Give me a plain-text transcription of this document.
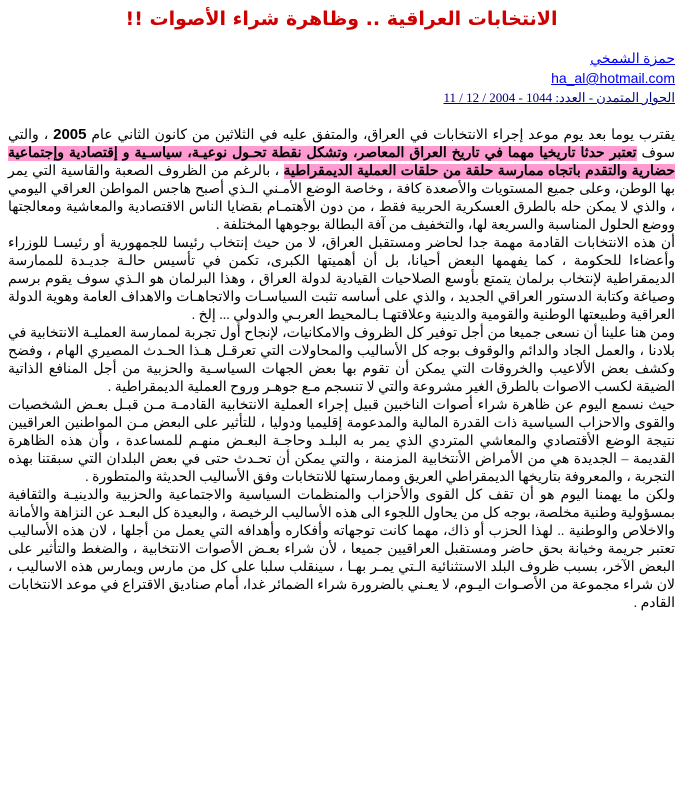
الانتخابات العراقية .. وظاهرة شراء الأصوات !!
حمزة الشمخي
ha_al@hotmail.com
الحوار المتمدن - العدد: 1044 - 2004 / 12 / 11

يقترب يوما بعد يوم موعد إجراء الانتخابات في العراق، والمتفق عليه في الثلاثين من كانون الثاني عام 2005 ، والتي سوف تعتبر حدثا تاريخيا مهما في تاريخ العراق المعاصر، وتشكل نقطة تحـول نوعيـة، سياسـية و إقتصادية وإجتماعية حضارية والتقدم باتجاه ممارسة حلقة من حلقات العملية الديمقراطية ، بالرغم من الظروف الصعبة والقاسية التي يمر بها الوطن، وعلى جميع المستويات والأصعدة كافة ، وخاصة الوضع الأمـني الـذي أصبح هاجس المواطن العراقي اليومي ، والذي لا يمكن حله بالطرق العسكرية الحربية فقط ، من دون الأهتمـام بقضايا الناس الاقتصادية والمعاشية ومعالجتها ووضع الحلول المناسبة والسريعة لها، والتخفيف من آفة البطالة بوجوهها المختلفة .

أن هذه الانتخابات القادمة مهمة جدا لحاضر ومستقبل العراق، لا من حيث إنتخاب رئيسا للجمهورية أو رئيسـا للوزراء وأعضاءا للحكومة ، كما يفهمها البعض أحيانا، بل أن أهميتها الكبرى، تكمن في تأسيس حالـة جديـدة للممارسة الديمقراطية لإنتخاب برلمان يتمتع بأوسع الصلاحيات القيادية لدولة العراق ، وهذا البرلمان هو الـذي سوف يقوم برسم وصياغة وكتابة الدستور العراقي الجديد ، والذي على أساسه تثبت السياسـات والاتجاهـات والاهداف العامة وهوية الدولة العراقية وطبيعتها الوطنية والقومية والدينية وعلاقتهـا بـالمحيط العربـي والدولي ... إلخ .

ومن هنا علينا أن نسعى جميعا من أجل توفير كل الظروف والامكانيات، لإنجاح أول تجربة لممارسة العمليـة الانتخابية في بلادنا ، والعمل الجاد والدائم والوقوف بوجه كل الأساليب والمحاولات التي تعرقـل هـذا الحـدث المصيري الهام ، وفضح وكشف بعض الألاعيب والخروقات التي يمكن أن تقوم بها بعض الجهات السياسـية والحزبية من أجل المنافع الذاتية الضيقة لكسب الاصوات بالطرق الغير مشروعة والتي لا تنسجم مـع جوهـر وروح العملية الديمقراطية .

حيث نسمع اليوم عن ظاهرة شراء أصوات الناخبين قبيل إجراء العملية الانتخابية القادمـة مـن قبـل بعـض الشخصيات والقوى والاحزاب السياسية ذات القدرة المالية والمدعومة إقليميا ودوليا ، للتأثير على البعض مـن المواطنين العراقيين نتيجة الوضع الأقتصادي والمعاشي المتردي الذي يمر به البلـد وحاجـة البعـض منهـم للمساعدة ، وأن هذه الظاهرة القديمة – الجديدة هي من الأمراض الأنتخابية المزمنة ، والتي يمكن أن تحـدث حتى في بعض البلدان التي سبقتنا بهذه التجربة ، والمعروفة بتاريخها الديمقراطي العريق وممارستها للانتخابات وفق الأساليب الحديثة والمتطورة .

ولكن ما يهمنا اليوم هو أن تقف كل القوى والأحزاب والمنظمات السياسية والاجتماعية والحزبية والدينيـة والثقافية بمسؤولية وطنية مخلصة، بوجه كل من يحاول اللجوء الى هذه الأساليب الرخيصة ، والبعيدة كل البعـد عن النزاهة والأمانة والاخلاص والوطنية .. لهذا الحزب أو ذاك، مهما كانت توجهاته وأفكاره وأهدافه التي يعمل من أجلها ، لان هذه الأساليب تعتبر جريمة وخيانة بحق حاضر ومستقبل العراقيين جميعا ، لأن شراء بعـض الأصوات الانتخابية ، والضغط والتأثير على البعض الآخر، بسبب ظروف البلد الاستثنائية الـتي يمـر بهـا ، سينقلب سلبا على كل من مارس ويمارس هذه الاساليب ، لان شراء مجموعة من الأصـوات اليـوم، لا يعـني بالضرورة شراء الضمائر غدا، أمام صناديق الاقتراع في موعد الانتخابات القادم .
